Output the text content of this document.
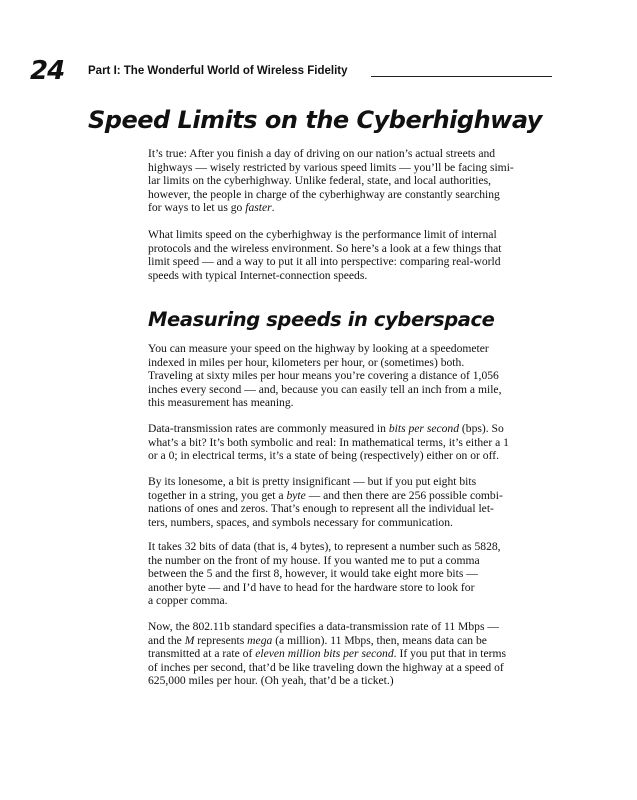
24 Part I: The Wonderful World of Wireless Fidelity
Speed Limits on the Cyberhighway
It’s true: After you finish a day of driving on our nation’s actual streets and
highways — wisely restricted by various speed limits — you’ll be facing simi-
lar limits on the cyberhighway. Unlike federal, state, and local authorities,
however, the people in charge of the cyberhighway are constantly searching
for ways to let us go faster.
What limits speed on the cyberhighway is the performance limit of internal
protocols and the wireless environment. So here’s a look at a few things that
limit speed — and a way to put it all into perspective: comparing real-world
speeds with typical Internet-connection speeds.
Measuring speeds in cyberspace
You can measure your speed on the highway by looking at a speedometer
indexed in miles per hour, kilometers per hour, or (sometimes) both.
Traveling at sixty miles per hour means you’re covering a distance of 1,056
inches every second — and, because you can easily tell an inch from a mile,
this measurement has meaning.
Data-transmission rates are commonly measured in bits per second (bps). So
what’s a bit? It’s both symbolic and real: In mathematical terms, it’s either a 1
or a 0; in electrical terms, it’s a state of being (respectively) either on or off.
By its lonesome, a bit is pretty insignificant — but if you put eight bits
together in a string, you get a byte — and then there are 256 possible combi-
nations of ones and zeros. That’s enough to represent all the individual let-
ters, numbers, spaces, and symbols necessary for communication.
It takes 32 bits of data (that is, 4 bytes), to represent a number such as 5828,
the number on the front of my house. If you wanted me to put a comma
between the 5 and the first 8, however, it would take eight more bits —
another byte — and I’d have to head for the hardware store to look for
a copper comma.
Now, the 802.11b standard specifies a data-transmission rate of 11 Mbps —
and the M represents mega (a million). 11 Mbps, then, means data can be
transmitted at a rate of eleven million bits per second. If you put that in terms
of inches per second, that’d be like traveling down the highway at a speed of
625,000 miles per hour. (Oh yeah, that’d be a ticket.)
